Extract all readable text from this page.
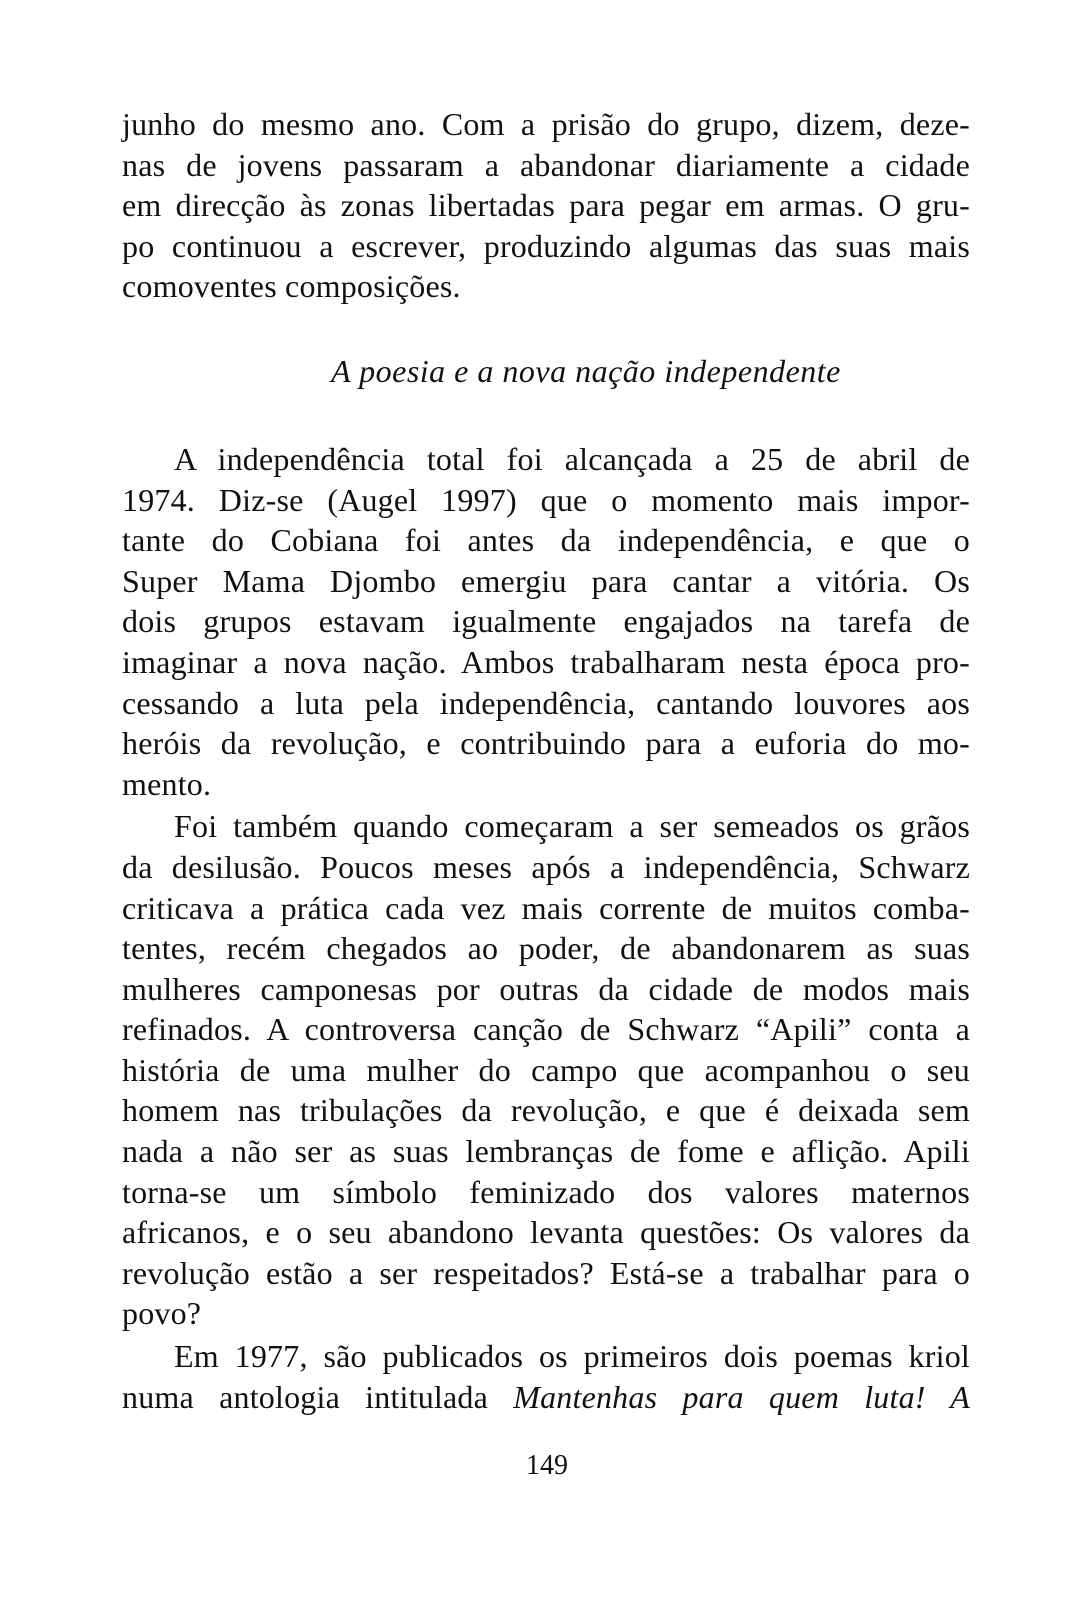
junho do mesmo ano. Com a prisão do grupo, dizem, deze-
nas de jovens passaram a abandonar diariamente a cidade
em direcção às zonas libertadas para pegar em armas. O gru-
po continuou a escrever, produzindo algumas das suas mais
comoventes composições.
A poesia e a nova nação independente
A independência total foi alcançada a 25 de abril de
1974. Diz-se (Augel 1997) que o momento mais impor-
tante do Cobiana foi antes da independência, e que o
Super Mama Djombo emergiu para cantar a vitória. Os
dois grupos estavam igualmente engajados na tarefa de
imaginar a nova nação. Ambos trabalharam nesta época pro-
cessando a luta pela independência, cantando louvores aos
heróis da revolução, e contribuindo para a euforia do mo-
mento.
Foi também quando começaram a ser semeados os grãos
da desilusão. Poucos meses após a independência, Schwarz
criticava a prática cada vez mais corrente de muitos comba-
tentes, recém chegados ao poder, de abandonarem as suas
mulheres camponesas por outras da cidade de modos mais
refinados. A controversa canção de Schwarz “Apili” conta a
história de uma mulher do campo que acompanhou o seu
homem nas tribulações da revolução, e que é deixada sem
nada a não ser as suas lembranças de fome e aflição. Apili
torna-se um símbolo feminizado dos valores maternos
africanos, e o seu abandono levanta questões: Os valores da
revolução estão a ser respeitados? Está-se a trabalhar para o
povo?
Em 1977, são publicados os primeiros dois poemas kriol
numa antologia intitulada Mantenhas para quem luta! A
149
